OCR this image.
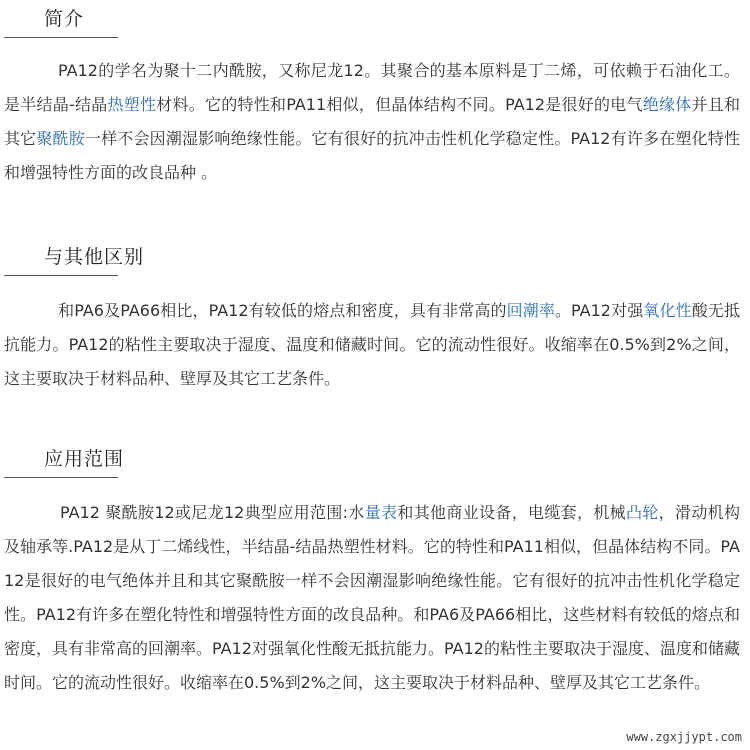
简介
PA12的学名为聚十二内酰胺，又称尼龙12。其聚合的基本原料是丁二烯，可依赖于石油化工。是半结晶-结晶热塑性材料。它的特性和PA11相似，但晶体结构不同。PA12是很好的电气绝缘体并且和其它聚酰胺一样不会因潮湿影响绝缘性能。它有很好的抗冲击性机化学稳定性。PA12有许多在塑化特性和增强特性方面的改良品种 。
与其他区别
和PA6及PA66相比，PA12有较低的熔点和密度，具有非常高的回潮率。PA12对强氧化性酸无抵抗能力。PA12的粘性主要取决于湿度、温度和储藏时间。它的流动性很好。收缩率在0.5%到2%之间，这主要取决于材料品种、壁厚及其它工艺条件。
应用范围
PA12 聚酰胺12或尼龙12典型应用范围:水量表和其他商业设备，电缆套，机械凸轮，滑动机构及轴承等.PA12是从丁二烯线性，半结晶-结晶热塑性材料。它的特性和PA11相似，但晶体结构不同。PA12是很好的电气绝体并且和其它聚酰胺一样不会因潮湿影响绝缘性能。它有很好的抗冲击性机化学稳定性。PA12有许多在塑化特性和增强特性方面的改良品种。和PA6及PA66相比，这些材料有较低的熔点和密度，具有非常高的回潮率。PA12对强氧化性酸无抵抗能力。PA12的粘性主要取决于湿度、温度和储藏时间。它的流动性很好。收缩率在0.5%到2%之间，这主要取决于材料品种、壁厚及其它工艺条件。
www.zgxjjypt.com
